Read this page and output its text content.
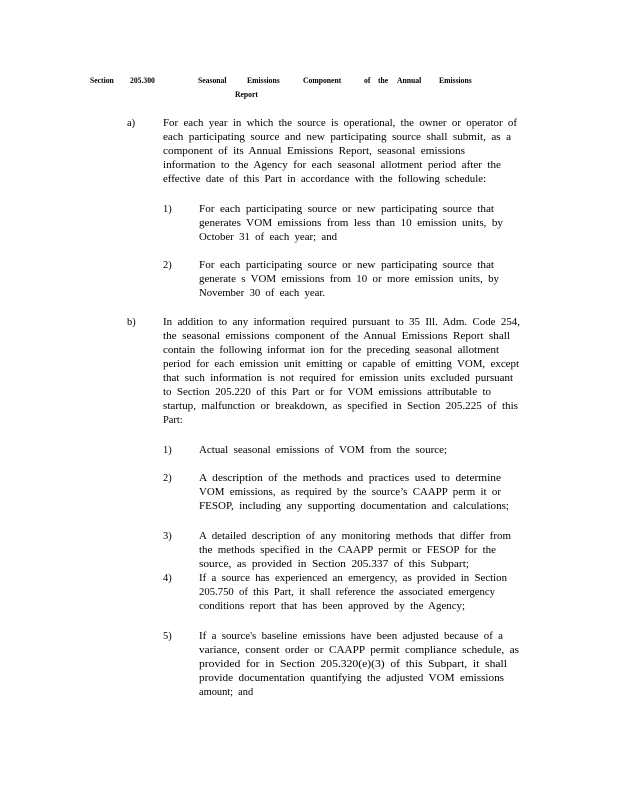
Section 205.300	Seasonal Emissions	Component	of the Annual Emissions
Report
a)	For each year in which the source is operational, the owner or operator of
each participating source and new participating source shall submit, as a
component of its Annual Emissions Report, seasonal emissions
information to the Agency for each seasonal allotment period after the
effective date of this Part in accordance with the following schedule:
1)	For each participating source or new participating source that
generates VOM emissions from less than 10 emission units, by
October 31 of each year; and
2)	For each participating source or new participating source that
generate s VOM emissions from 10 or more emission units, by
November 30 of each year.
b)	In addition to any information required pursuant to 35 Ill. Adm. Code 254,
the seasonal emissions component of the Annual Emissions Report shall
contain the following informat ion for the preceding seasonal allotment
period for each emission unit emitting or capable of emitting VOM, except
that such information is not required for emission units excluded pursuant
to Section 205.220 of this Part or for VOM emissions attributable to
startup, malfunction or breakdown, as specified in Section 205.225 of this
Part:
1)	Actual seasonal emissions of VOM from the source;
2)	A description of the methods and practices used to determine
VOM emissions, as required by the source’s CAAPP perm it or
FESOP, including any supporting documentation and calculations;
3)	A detailed description of any monitoring methods that differ from
the methods specified in the CAAPP permit or FESOP for the
source, as provided in Section 205.337 of this Subpart;
4)	If a source has experienced an emergency, as provided in Section
205.750 of this Part, it shall reference the associated emergency
conditions report that has been approved by the Agency;
5)	If a source's baseline emissions have been adjusted because of a
variance, consent order or CAAPP permit compliance schedule, as
provided for in Section 205.320(e)(3) of this Subpart, it shall
provide documentation quantifying the adjusted VOM emissions
amount; and
